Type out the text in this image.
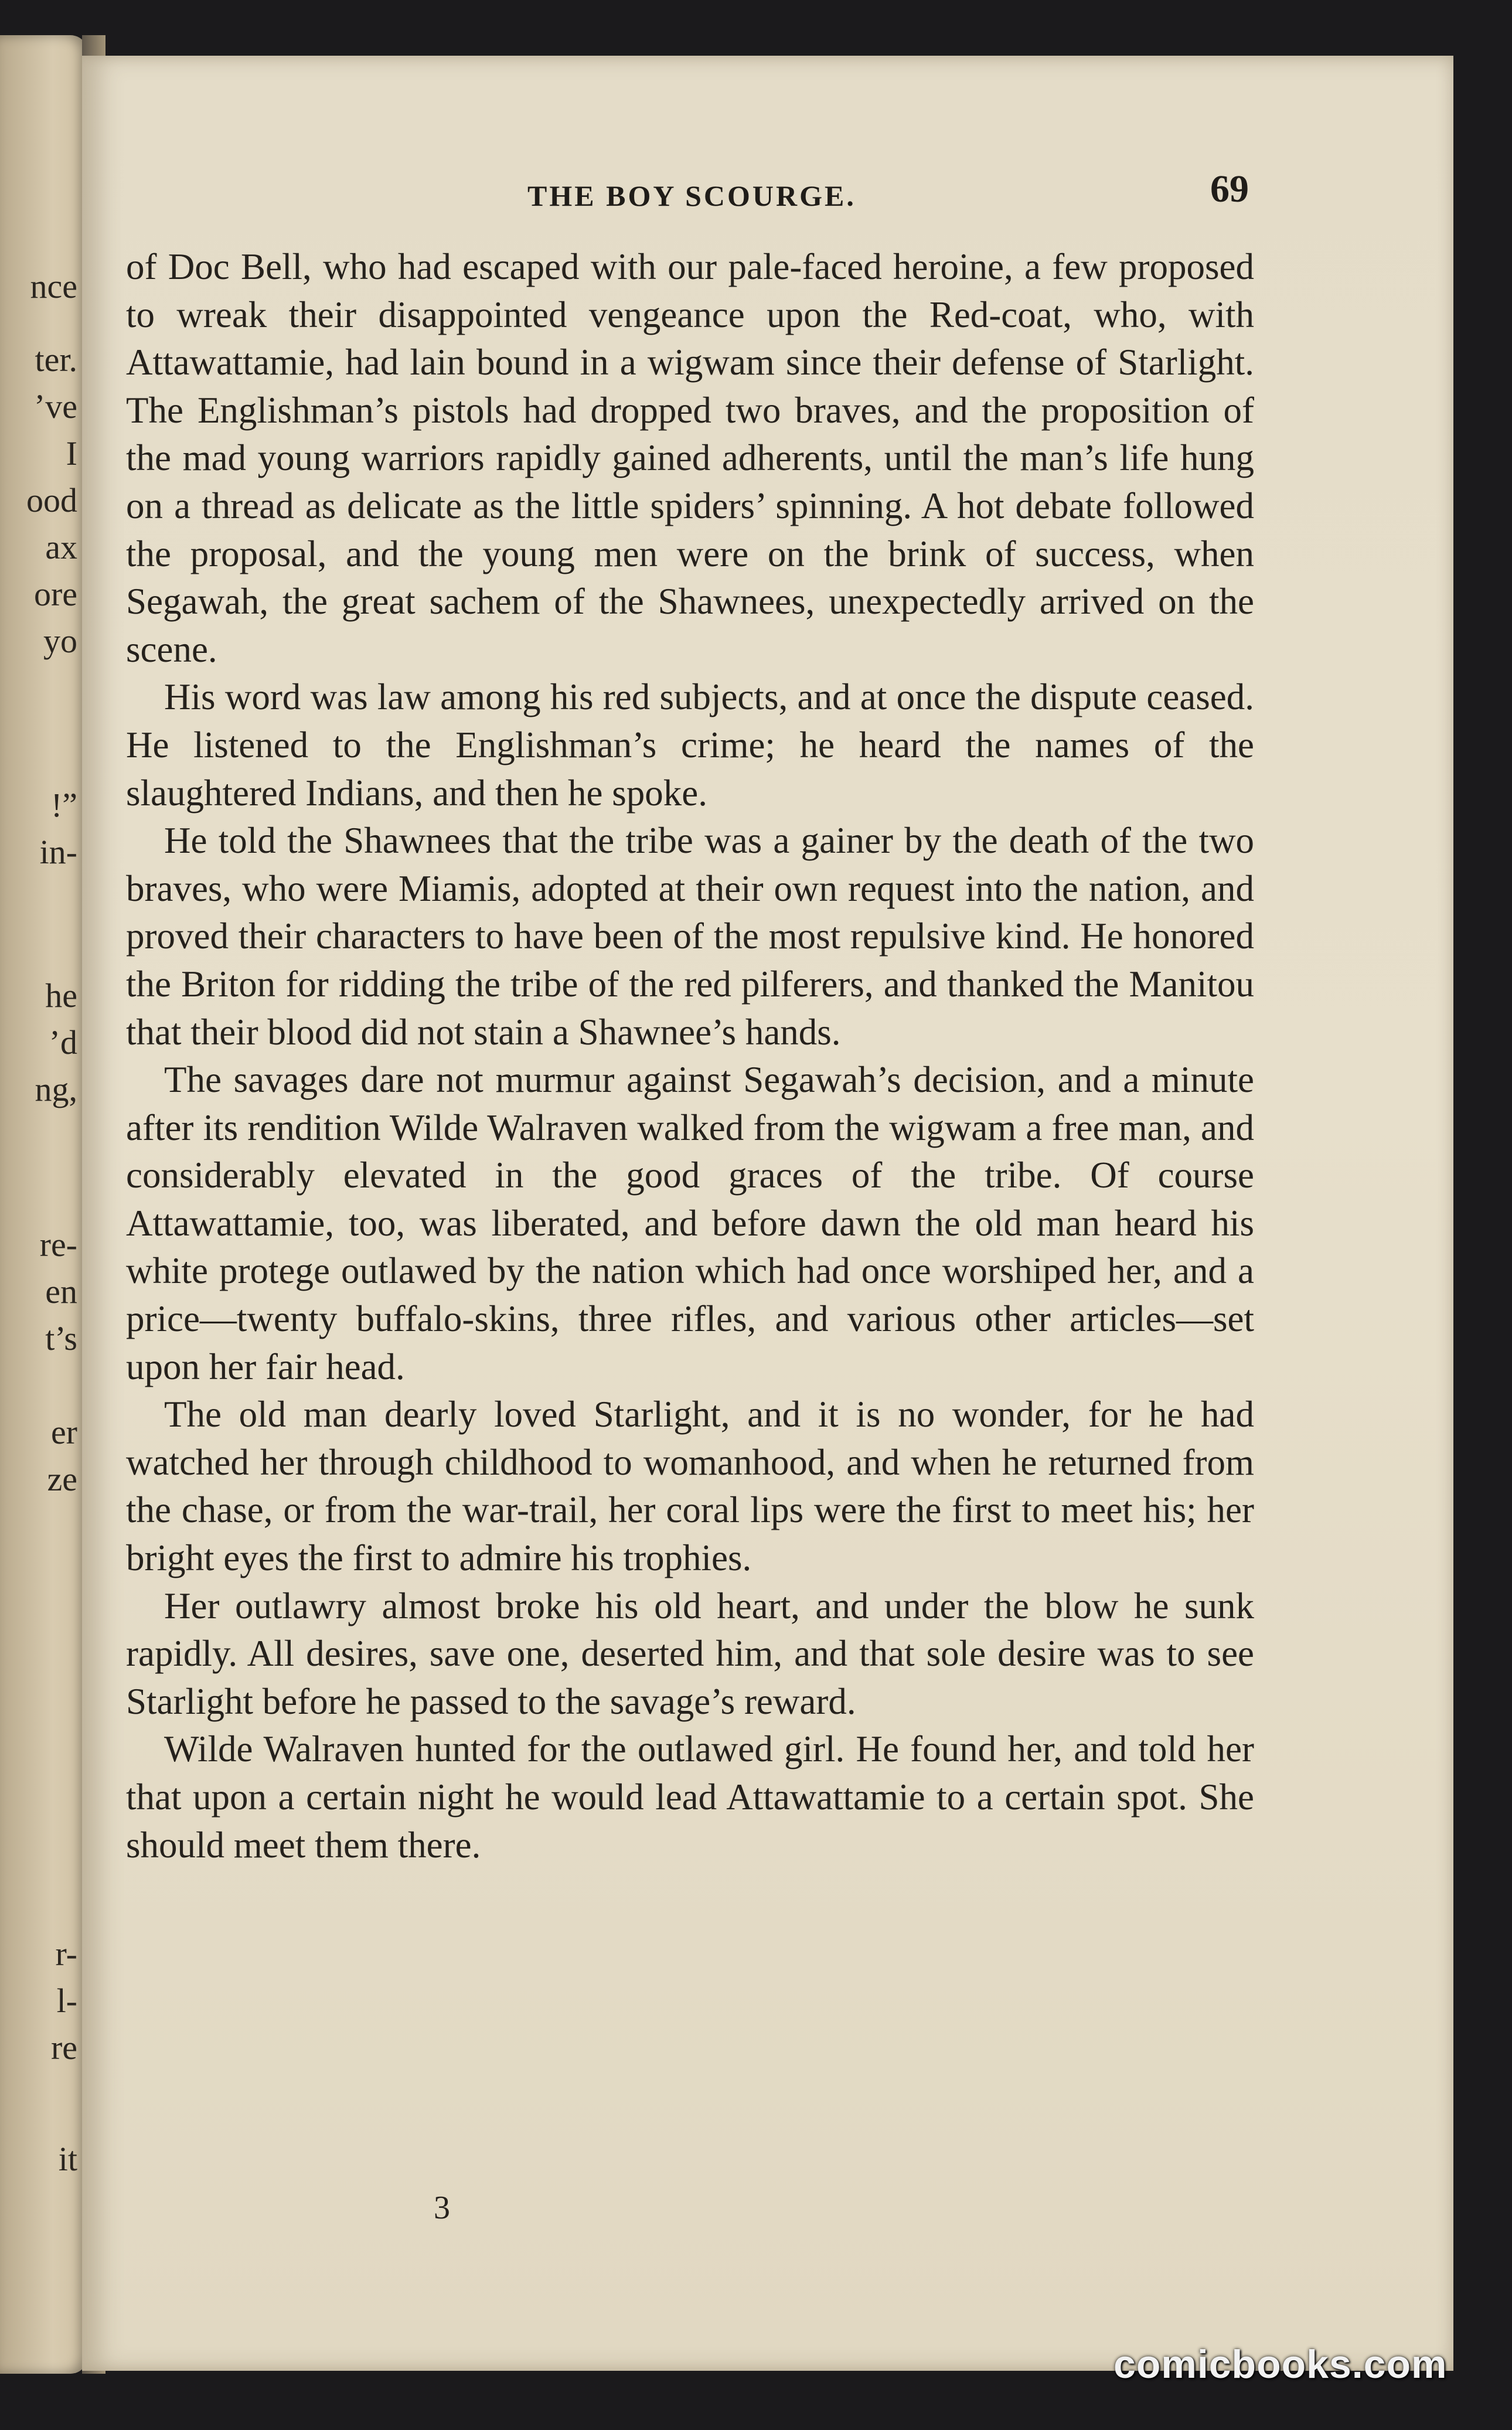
nce
ter.
’ve
I
ood
ax
ore
yo
!”
in-
he
’d
ng,
re-
en
t’s
er
ze
r-
l-
re
it
THE BOY SCOURGE.	69

of Doc Bell, who had escaped with our pale-faced heroine, a few proposed to wreak their disappointed vengeance upon the Red-coat, who, with Attawattamie, had lain bound in a wigwam since their defense of Starlight. The Englishman’s pistols had dropped two braves, and the proposition of the mad young warriors rapidly gained adherents, until the man’s life hung on a thread as delicate as the little spiders’ spinning. A hot debate followed the proposal, and the young men were on the brink of success, when Segawah, the great sachem of the Shawnees, unexpectedly arrived on the scene.

His word was law among his red subjects, and at once the dispute ceased. He listened to the Englishman’s crime; he heard the names of the slaughtered Indians, and then he spoke.

He told the Shawnees that the tribe was a gainer by the death of the two braves, who were Miamis, adopted at their own request into the nation, and proved their characters to have been of the most repulsive kind. He honored the Briton for ridding the tribe of the red pilferers, and thanked the Manitou that their blood did not stain a Shawnee’s hands.

The savages dare not murmur against Segawah’s decision, and a minute after its rendition Wilde Walraven walked from the wigwam a free man, and considerably elevated in the good graces of the tribe. Of course Attawattamie, too, was liberated, and before dawn the old man heard his white protege outlawed by the nation which had once worshiped her, and a price—twenty buffalo-skins, three rifles, and various other articles—set upon her fair head.

The old man dearly loved Starlight, and it is no wonder, for he had watched her through childhood to womanhood, and when he returned from the chase, or from the war-trail, her coral lips were the first to meet his; her bright eyes the first to admire his trophies.

Her outlawry almost broke his old heart, and under the blow he sunk rapidly. All desires, save one, deserted him, and that sole desire was to see Starlight before he passed to the savage’s reward.

Wilde Walraven hunted for the outlawed girl. He found her, and told her that upon a certain night he would lead Attawattamie to a certain spot. She should meet them there.

3
comicbooks.com
